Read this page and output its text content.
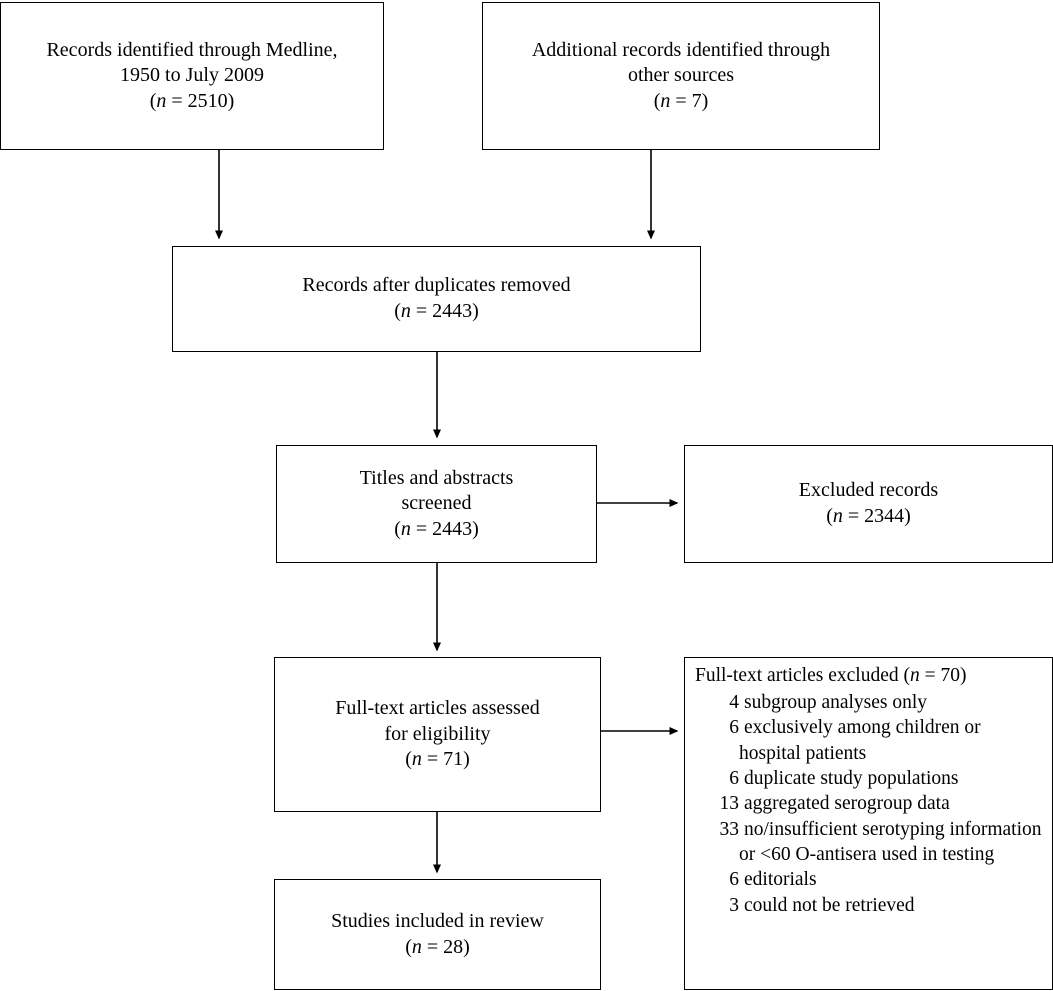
Records identified through Medline,
1950 to July 2009
(n = 2510)
Additional records identified through
other sources
(n = 7)
Records after duplicates removed
(n = 2443)
Titles and abstracts
screened
(n = 2443)
Excluded records
(n = 2344)
Full-text articles assessed
for eligibility
(n = 71)
Full-text articles excluded (n = 70)
4 subgroup analyses only
6 exclusively among children or hospital patients
6 duplicate study populations
13 aggregated serogroup data
33 no/insufficient serotyping information or <60 O-antisera used in testing
6 editorials
3 could not be retrieved
Studies included in review
(n = 28)
